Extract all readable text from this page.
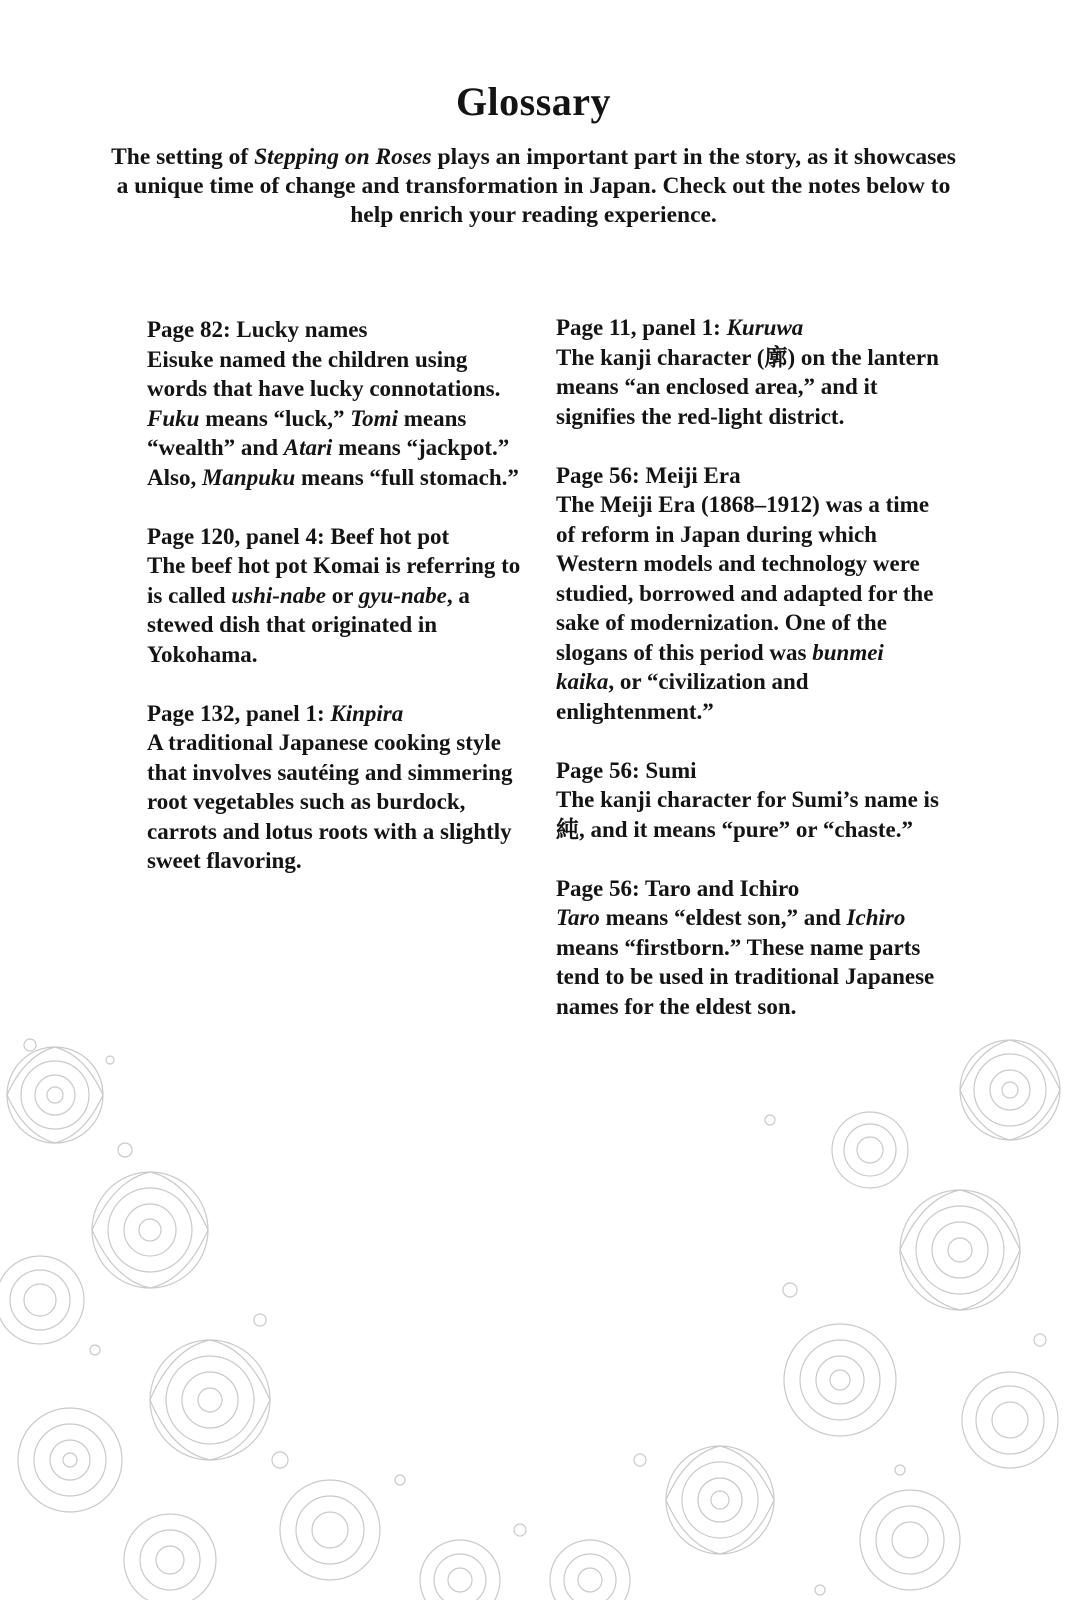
Glossary

The setting of Stepping on Roses plays an important part in the story, as it showcases a unique time of change and transformation in Japan. Check out the notes below to help enrich your reading experience.

Page 82: Lucky names

Eisuke named the children using words that have lucky connotations. Fuku means “luck,” Tomi means “wealth” and Atari means “jackpot.” Also, Manpuku means “full stomach.”

Page 120, panel 4: Beef hot pot

The beef hot pot Komai is referring to is called ushi-nabe or gyu-nabe, a stewed dish that originated in Yokohama.

Page 132, panel 1: Kinpira

A traditional Japanese cooking style that involves sautéing and simmering root vegetables such as burdock, carrots and lotus roots with a slightly sweet flavoring.

Page 11, panel 1: Kuruwa

The kanji character (廓) on the lantern means “an enclosed area,” and it signifies the red-light district.

Page 56: Meiji Era

The Meiji Era (1868–1912) was a time of reform in Japan during which Western models and technology were studied, borrowed and adapted for the sake of modernization. One of the slogans of this period was bunmei kaika, or “civilization and enlightenment.”

Page 56: Sumi

The kanji character for Sumi’s name is 純, and it means “pure” or “chaste.”

Page 56: Taro and Ichiro

Taro means “eldest son,” and Ichiro means “firstborn.” These name parts tend to be used in traditional Japanese names for the eldest son.
